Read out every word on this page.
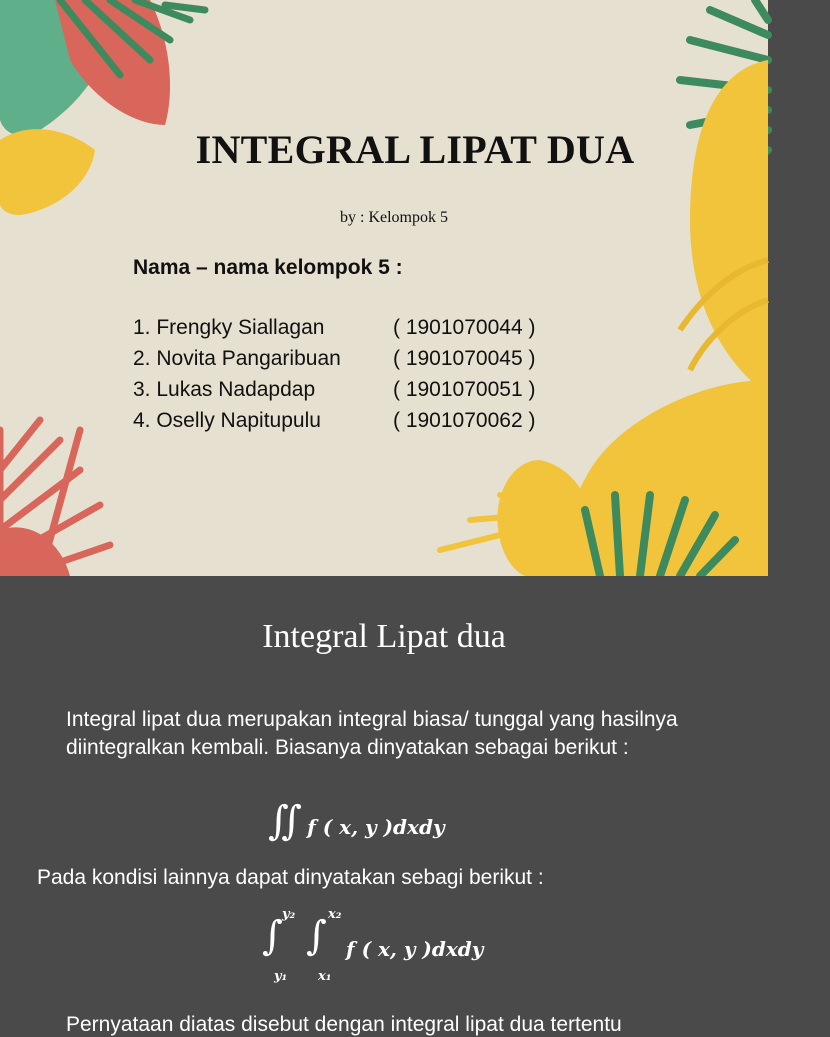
INTEGRAL LIPAT DUA
by : Kelompok 5
Nama – nama kelompok 5 :
1. Frengky Siallagan	( 1901070044 )
2. Novita Pangaribuan ( 1901070045 )
3. Lukas Nadapdap	( 1901070051 )
4. Oselly Napitupulu	( 1901070062 )
Integral Lipat dua
Integral lipat dua merupakan integral biasa/ tunggal yang hasilnya diintegralkan kembali. Biasanya dinyatakan sebagai berikut :
∬ f ( x, y )dxdy
Pada kondisi lainnya dapat dinyatakan sebagi berikut :
∫ y₂
y₁
∫ x₂
x₁
f ( x, y )dxdy
Pernyataan diatas disebut dengan integral lipat dua tertentu
